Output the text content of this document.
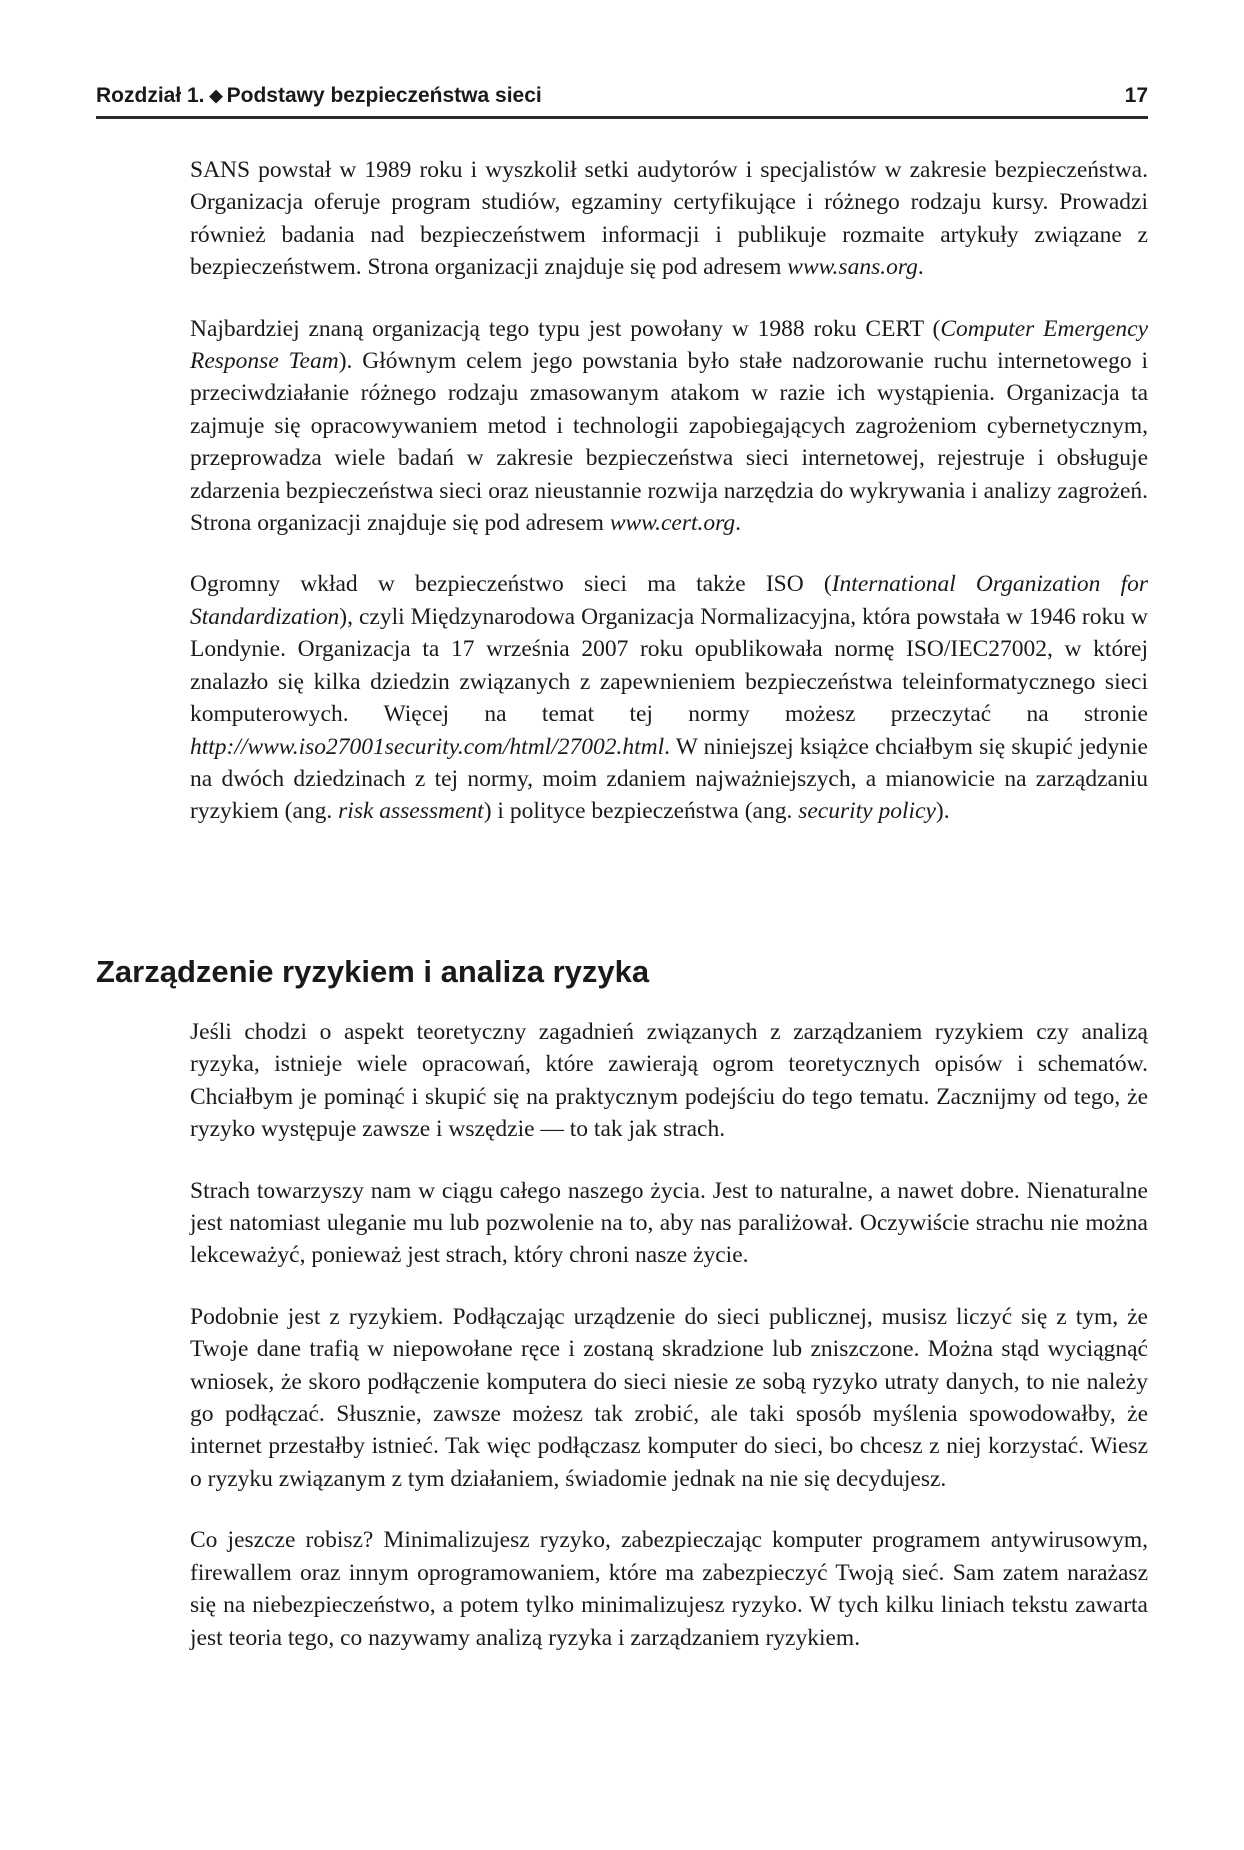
Rozdział 1. ◆ Podstawy bezpieczeństwa sieci	17

SANS powstał w 1989 roku i wyszkolił setki audytorów i specjalistów w zakresie bezpieczeństwa. Organizacja oferuje program studiów, egzaminy certyfikujące i różnego rodzaju kursy. Prowadzi również badania nad bezpieczeństwem informacji i publikuje rozmaite artykuły związane z bezpieczeństwem. Strona organizacji znajduje się pod adresem www.sans.org.

Najbardziej znaną organizacją tego typu jest powołany w 1988 roku CERT (Computer Emergency Response Team). Głównym celem jego powstania było stałe nadzorowanie ruchu internetowego i przeciwdziałanie różnego rodzaju zmasowanym atakom w razie ich wystąpienia. Organizacja ta zajmuje się opracowywaniem metod i technologii zapobiegających zagrożeniom cybernetycznym, przeprowadza wiele badań w zakresie bezpieczeństwa sieci internetowej, rejestruje i obsługuje zdarzenia bezpieczeństwa sieci oraz nieustannie rozwija narzędzia do wykrywania i analizy zagrożeń. Strona organizacji znajduje się pod adresem www.cert.org.

Ogromny wkład w bezpieczeństwo sieci ma także ISO (International Organization for Standardization), czyli Międzynarodowa Organizacja Normalizacyjna, która powstała w 1946 roku w Londynie. Organizacja ta 17 września 2007 roku opublikowała normę ISO/IEC27002, w której znalazło się kilka dziedzin związanych z zapewnieniem bezpieczeństwa teleinformatycznego sieci komputerowych. Więcej na temat tej normy możesz przeczytać na stronie http://www.iso27001security.com/html/27002.html. W niniejszej książce chciałbym się skupić jedynie na dwóch dziedzinach z tej normy, moim zdaniem najważniejszych, a mianowicie na zarządzaniu ryzykiem (ang. risk assessment) i polityce bezpieczeństwa (ang. security policy).

Zarządzenie ryzykiem i analiza ryzyka

Jeśli chodzi o aspekt teoretyczny zagadnień związanych z zarządzaniem ryzykiem czy analizą ryzyka, istnieje wiele opracowań, które zawierają ogrom teoretycznych opisów i schematów. Chciałbym je pominąć i skupić się na praktycznym podejściu do tego tematu. Zacznijmy od tego, że ryzyko występuje zawsze i wszędzie — to tak jak strach.

Strach towarzyszy nam w ciągu całego naszego życia. Jest to naturalne, a nawet dobre. Nienaturalne jest natomiast uleganie mu lub pozwolenie na to, aby nas paraliżował. Oczywiście strachu nie można lekceważyć, ponieważ jest strach, który chroni nasze życie.

Podobnie jest z ryzykiem. Podłączając urządzenie do sieci publicznej, musisz liczyć się z tym, że Twoje dane trafią w niepowołane ręce i zostaną skradzione lub zniszczone. Można stąd wyciągnąć wniosek, że skoro podłączenie komputera do sieci niesie ze sobą ryzyko utraty danych, to nie należy go podłączać. Słusznie, zawsze możesz tak zrobić, ale taki sposób myślenia spowodowałby, że internet przestałby istnieć. Tak więc podłączasz komputer do sieci, bo chcesz z niej korzystać. Wiesz o ryzyku związanym z tym działaniem, świadomie jednak na nie się decydujesz.

Co jeszcze robisz? Minimalizujesz ryzyko, zabezpieczając komputer programem antywirusowym, firewallem oraz innym oprogramowaniem, które ma zabezpieczyć Twoją sieć. Sam zatem narażasz się na niebezpieczeństwo, a potem tylko minimalizujesz ryzyko. W tych kilku liniach tekstu zawarta jest teoria tego, co nazywamy analizą ryzyka i zarządzaniem ryzykiem.
